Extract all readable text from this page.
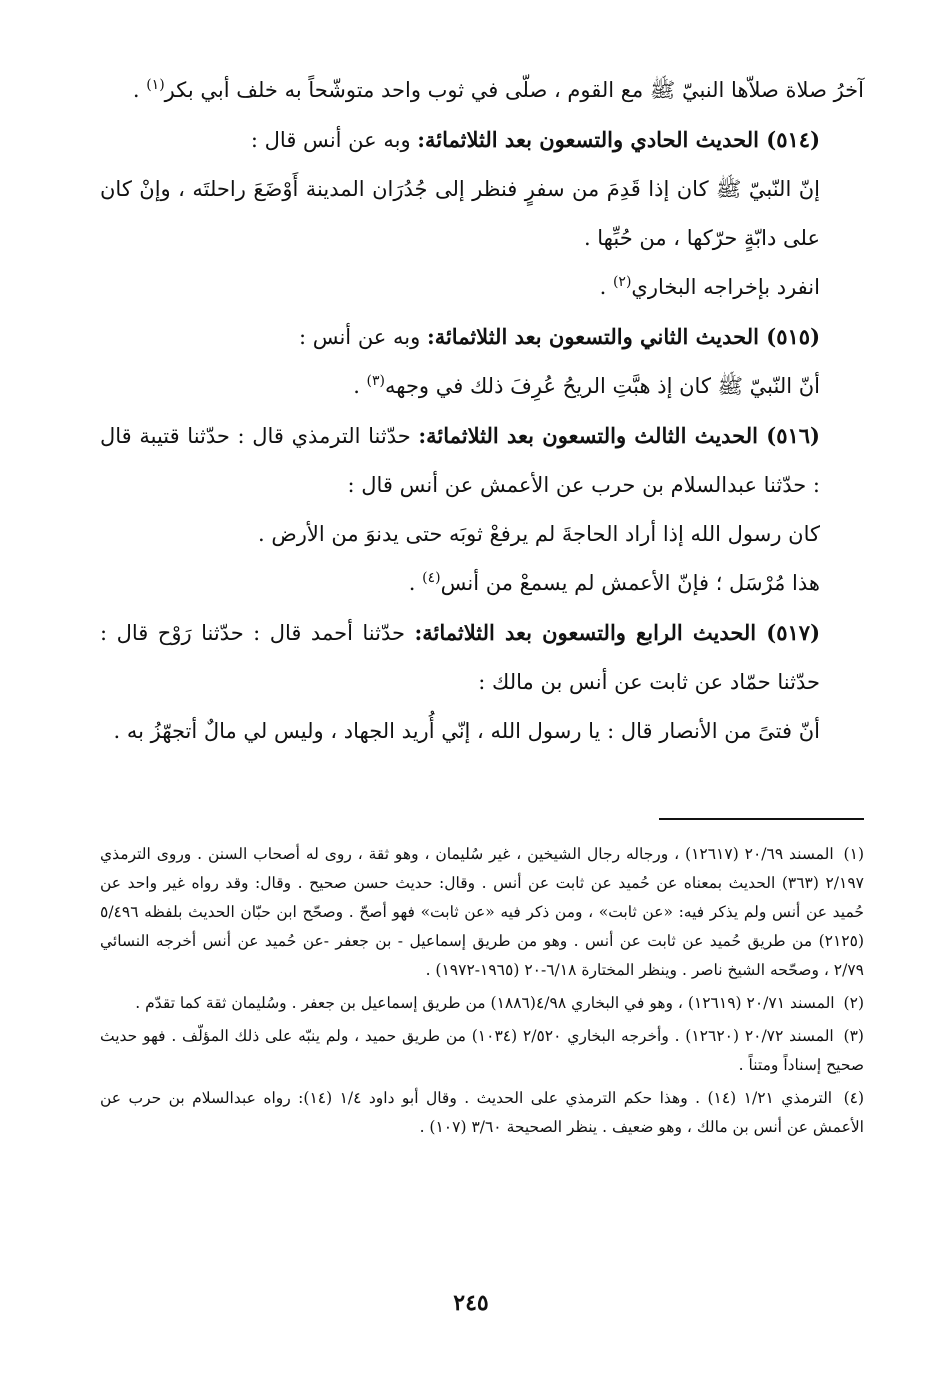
آخرُ صلاة صلاّها النبيّ ﷺ مع القوم ، صلّى في ثوب واحد متوشّحاً به خلف أبي بكر$^{(١)}$ .

(٥١٤) الحديث الحادي والتسعون بعد الثلاثمائة: وبه عن أنس قال :

إنّ النّبيّ ﷺ كان إذا قَدِمَ من سفرٍ فنظر إلى جُدُرَان المدينة أَوْضَعَ راحلتَه ، وإنْ كان على دابّةٍ حرّكها ، من حُبِّها .

انفرد بإخراجه البخاري$^{(٢)}$ .

(٥١٥) الحديث الثاني والتسعون بعد الثلاثمائة: وبه عن أنس :

أنّ النّبيّ ﷺ كان إذ هبَّتِ الريحُ عُرِفَ ذلك في وجهه$^{(٣)}$ .

(٥١٦) الحديث الثالث والتسعون بعد الثلاثمائة: حدّثنا الترمذي قال : حدّثنا قتيبة قال : حدّثنا عبدالسلام بن حرب عن الأعمش عن أنس قال :

كان رسول الله إذا أراد الحاجةَ لم يرفعْ ثوبَه حتى يدنوَ من الأرض .

هذا مُرْسَل ؛ فإنّ الأعمش لم يسمعْ من أنس$^{(٤)}$ .

(٥١٧) الحديث الرابع والتسعون بعد الثلاثمائة: حدّثنا أحمد قال : حدّثنا رَوْح قال : حدّثنا حمّاد عن ثابت عن أنس بن مالك :

أنّ فتىً من الأنصار قال : يا رسول الله ، إنّي أُريد الجهاد ، وليس لي مالٌ أتجهّزُ به .

(١) المسند ٢٠/٦٩ (١٢٦١٧) ، ورجاله رجال الشيخين ، غير سُليمان ، وهو ثقة ، روى له أصحاب السنن . وروى الترمذي ٢/١٩٧ (٣٦٣) الحديث بمعناه عن حُميد عن ثابت عن أنس . وقال: حديث حسن صحيح . وقال: وقد رواه غير واحد عن حُميد عن أنس ولم يذكر فيه: «عن ثابت» ، ومن ذكر فيه «عن ثابت» فهو أصحّ . وصحّح ابن حبّان الحديث بلفظه ٥/٤٩٦ (٢١٢٥) من طريق حُميد عن ثابت عن أنس . وهو من طريق إسماعيل - بن جعفر -عن حُميد عن أنس أخرجه النسائي ٢/٧٩ ، وصحّحه الشيخ ناصر . وينظر المختارة ٦/١٨-٢٠ (١٩٦٥-١٩٧٢) .

(٢) المسند ٢٠/٧١ (١٢٦١٩) ، وهو في البخاري ٤/٩٨(١٨٨٦) من طريق إسماعيل بن جعفر . وسُليمان ثقة كما تقدّم .

(٣) المسند ٢٠/٧٢ (١٢٦٢٠) . وأخرجه البخاري ٢/٥٢٠ (١٠٣٤) من طريق حميد ، ولم ينبّه على ذلك المؤلّف . فهو حديث صحيح إسناداً ومتناً .

(٤) الترمذي ١/٢١ (١٤) . وهذا حكم الترمذي على الحديث . وقال أبو داود ١/٤ (١٤): رواه عبدالسلام بن حرب عن الأعمش عن أنس بن مالك ، وهو ضعيف . ينظر الصحيحة ٣/٦٠ (١٠٧) .

٢٤٥
